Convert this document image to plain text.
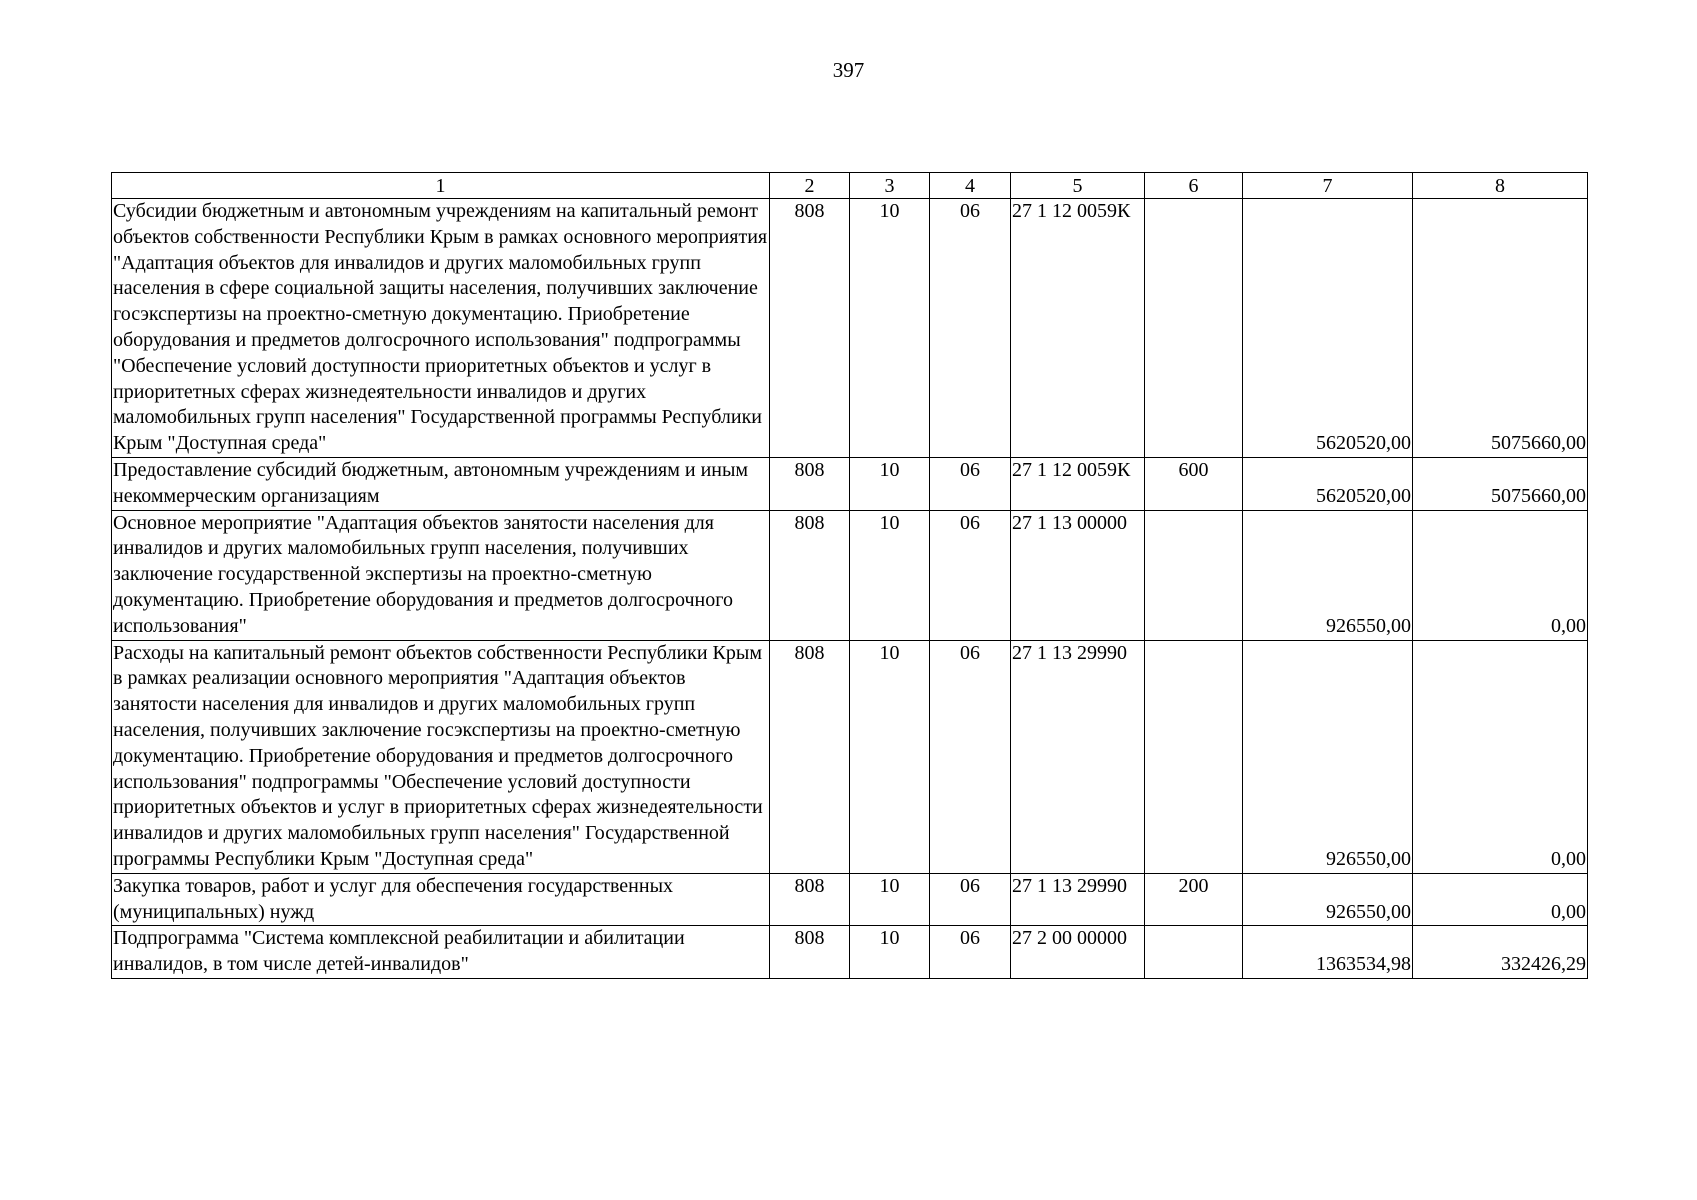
397
1	2	3	4	5	6	7	8
Субсидии бюджетным и автономным учреждениям на капитальный ремонт объектов собственности Республики Крым в рамках основного мероприятия "Адаптация объектов для инвалидов и других маломобильных групп населения в сфере социальной защиты населения, получивших заключение госэкспертизы на проектно-сметную документацию. Приобретение оборудования и предметов долгосрочного использования" подпрограммы "Обеспечение условий доступности приоритетных объектов и услуг в приоритетных сферах жизнедеятельности инвалидов и других маломобильных групп населения" Государственной программы Республики Крым "Доступная среда"	808	10	06	27 1 12 0059К		5620520,00	5075660,00
Предоставление субсидий бюджетным, автономным учреждениям и иным некоммерческим организациям	808	10	06	27 1 12 0059К	600	5620520,00	5075660,00
Основное мероприятие "Адаптация объектов занятости населения для инвалидов и других маломобильных групп населения, получивших заключение государственной экспертизы на проектно-сметную документацию. Приобретение оборудования и предметов долгосрочного использования"	808	10	06	27 1 13 00000		926550,00	0,00
Расходы на капитальный ремонт объектов собственности Республики Крым в рамках реализации основного мероприятия "Адаптация объектов занятости населения для инвалидов и других маломобильных групп населения, получивших заключение госэкспертизы на проектно-сметную документацию. Приобретение оборудования и предметов долгосрочного использования" подпрограммы "Обеспечение условий доступности приоритетных объектов и услуг в приоритетных сферах жизнедеятельности инвалидов и других маломобильных групп населения" Государственной программы Республики Крым "Доступная среда"	808	10	06	27 1 13 29990		926550,00	0,00
Закупка товаров, работ и услуг для обеспечения государственных (муниципальных) нужд	808	10	06	27 1 13 29990	200	926550,00	0,00
Подпрограмма "Система комплексной реабилитации и абилитации инвалидов, в том числе детей-инвалидов"	808	10	06	27 2 00 00000		1363534,98	332426,29
